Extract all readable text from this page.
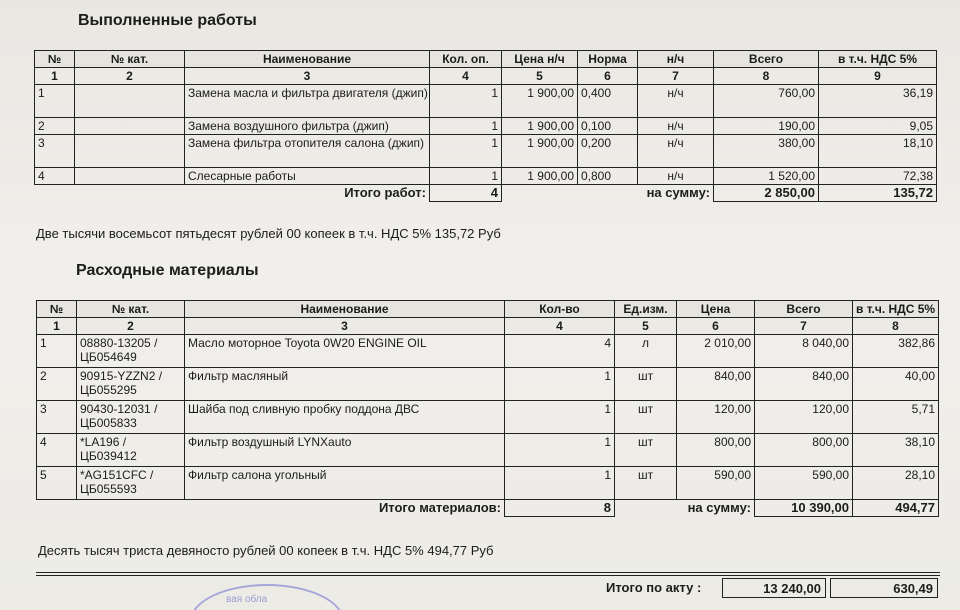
Выполненные работы
№	№ кат.	Наименование	Кол. оп.	Цена н/ч	Норма	н/ч	Всего	в т.ч. НДС 5%
1	2	3	4	5	6	7	8	9
1		Замена масла и фильтра двигателя (джип)	1	1 900,00	0,400	н/ч	760,00	36,19
2		Замена воздушного фильтра (джип)	1	1 900,00	0,100	н/ч	190,00	9,05
3		Замена фильтра отопителя салона (джип)	1	1 900,00	0,200	н/ч	380,00	18,10
4		Слесарные работы	1	1 900,00	0,800	н/ч	1 520,00	72,38
Итого работ:			4	на сумму:			2 850,00	135,72
Две тысячи восемьсот пятьдесят рублей 00 копеек в т.ч. НДС 5% 135,72 Руб
Расходные материалы
№	№ кат.	Наименование	Кол-во	Ед.изм.	Цена	Всего	в т.ч. НДС 5%
1	2	3	4	5	6	7	8
1	08880-13205 /
ЦБ054649	Масло моторное Toyota 0W20 ENGINE OIL	4	л	2 010,00	8 040,00	382,86
2	90915-YZZN2 /
ЦБ055295	Фильтр масляный	1	шт	840,00	840,00	40,00
3	90430-12031 /
ЦБ005833	Шайба под сливную пробку поддона ДВС	1	шт	120,00	120,00	5,71
4	*LA196 /
ЦБ039412	Фильтр воздушный LYNXauto	1	шт	800,00	800,00	38,10
5	*AG151CFC /
ЦБ055593	Фильтр салона угольный	1	шт	590,00	590,00	28,10
Итого материалов:			8	на сумму:		10 390,00	494,77
Десять тысяч триста девяносто рублей 00 копеек в т.ч. НДС 5% 494,77 Руб
Итого по акту :	13 240,00	630,49
вая обла
